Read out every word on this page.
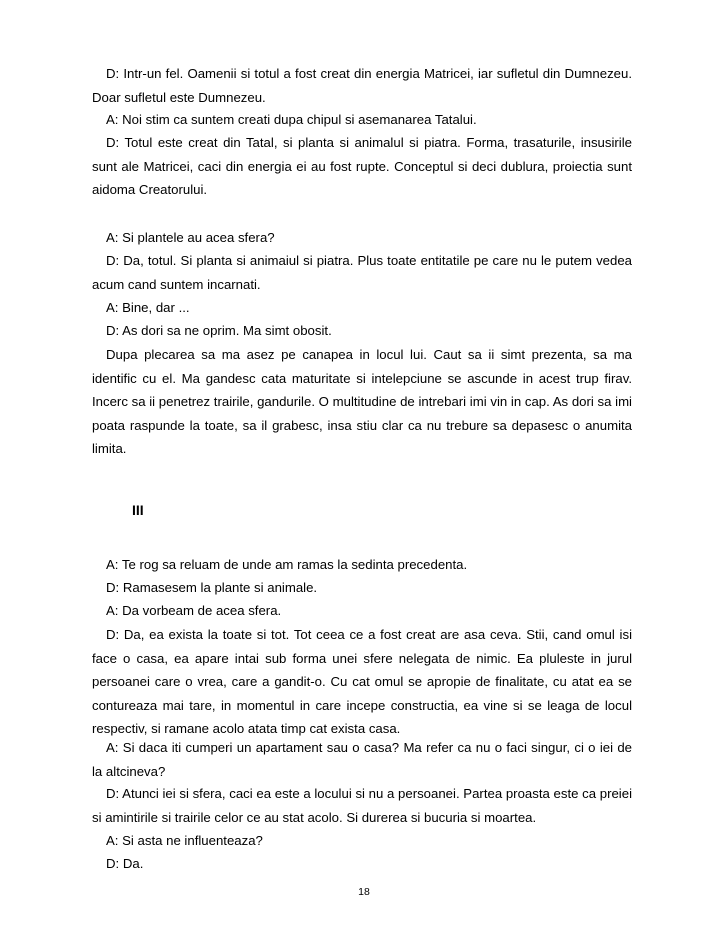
D: Intr-un fel. Oamenii si totul a fost creat din energia Matricei, iar sufletul din Dumnezeu. Doar sufletul este Dumnezeu.

A: Noi stim ca suntem creati dupa chipul si asemanarea Tatalui.

D: Totul este creat din Tatal, si planta si animalul si piatra. Forma, trasaturile, insusirile sunt ale Matricei, caci din energia ei au fost rupte. Conceptul si deci dublura, proiectia sunt aidoma Creatorului.

A: Si plantele au acea sfera?

D: Da, totul. Si planta si animaiul si piatra. Plus toate entitatile pe care nu le putem vedea acum cand suntem incarnati.

A: Bine, dar ...

D: As dori sa ne oprim. Ma simt obosit.

Dupa plecarea sa ma asez pe canapea in locul lui. Caut sa ii simt prezenta, sa ma identific cu el. Ma gandesc cata maturitate si intelepciune se ascunde in acest trup firav. Incerc sa ii penetrez trairile, gandurile. O multitudine de intrebari imi vin in cap. As dori sa imi poata raspunde la toate, sa il grabesc, insa stiu clar ca nu trebure sa depasesc o anumita limita.

III

A: Te rog sa reluam de unde am ramas la sedinta precedenta.

D: Ramasesem la plante si animale.

A: Da vorbeam de acea sfera.

D: Da, ea exista la toate si tot. Tot ceea ce a fost creat are asa ceva. Stii, cand omul isi face o casa, ea apare intai sub forma unei sfere nelegata de nimic. Ea pluleste in jurul persoanei care o vrea, care a gandit-o. Cu cat omul se apropie de finalitate, cu atat ea se contureaza mai tare, in momentul in care incepe constructia, ea vine si se leaga de locul respectiv, si ramane acolo atata timp cat exista casa.

A: Si daca iti cumperi un apartament sau o casa? Ma refer ca nu o faci singur, ci o iei de la altcineva?

D: Atunci iei si sfera, caci ea este a locului si nu a persoanei. Partea proasta este ca preiei si amintirile si trairile celor ce au stat acolo. Si durerea si bucuria si moartea.

A: Si asta ne influenteaza?

D: Da.

18
